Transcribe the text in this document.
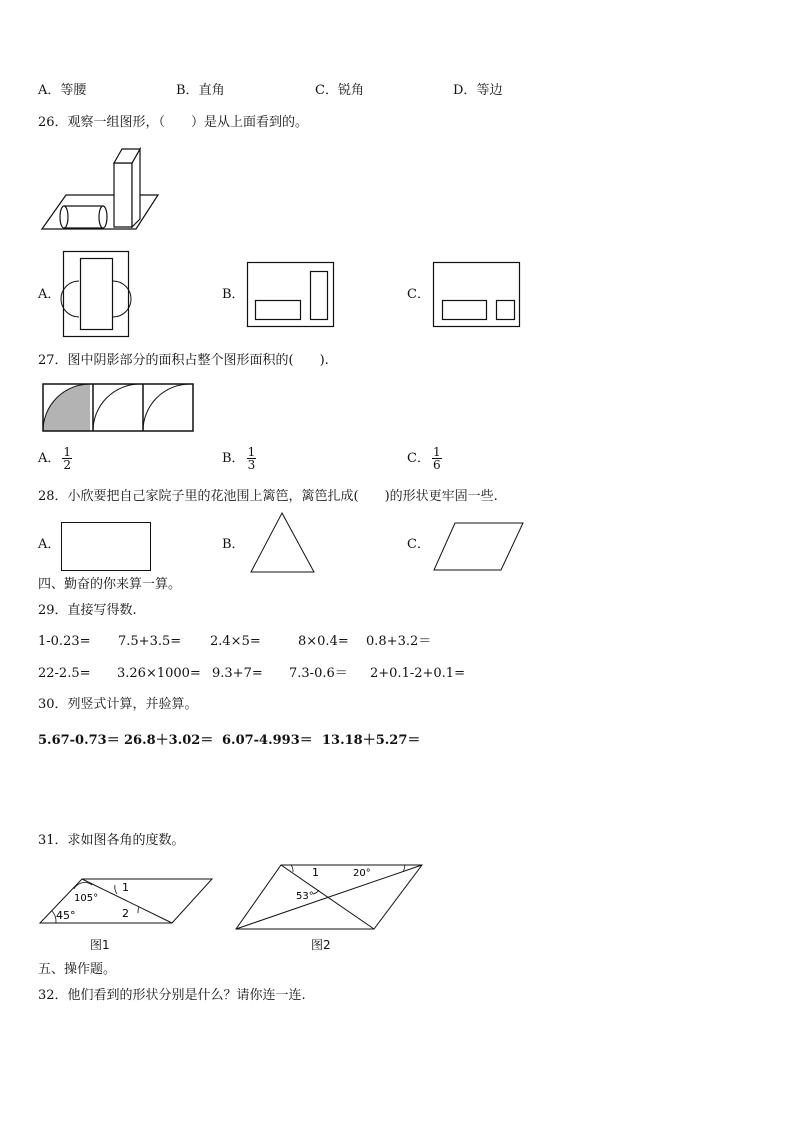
A．等腰	B．直角	C．锐角	D．等边
26．观察一组图形，（　　）是从上面看到的。
A．	B．	C．
27．图中阴影部分的面积占整个图形面积的(　　).
A． $\frac{1}{2}$	B． $\frac{1}{3}$	C． $\frac{1}{6}$
28．小欣要把自己家院子里的花池围上篱笆，篱笆扎成(　　)的形状更牢固一些.
A．	B．	C．
四、勤奋的你来算一算。
29．直接写得数.
1-0.23= 7.5+3.5= 2.4×5=	8×0.4= 0.8+3.2＝
22-2.5= 3.26×1000= 9.3+7= 7.3-0.6＝ 2+0.1-2+0.1=
30．列竖式计算，并验算。
5.67-0.73＝ 26.8＋3.02＝ 6.07-4.993＝ 13.18＋5.27＝
31．求如图各角的度数。
105°
1
45°	2
图1
1	20°
53°
图2
五、操作题。
32．他们看到的形状分别是什么？请你连一连.
